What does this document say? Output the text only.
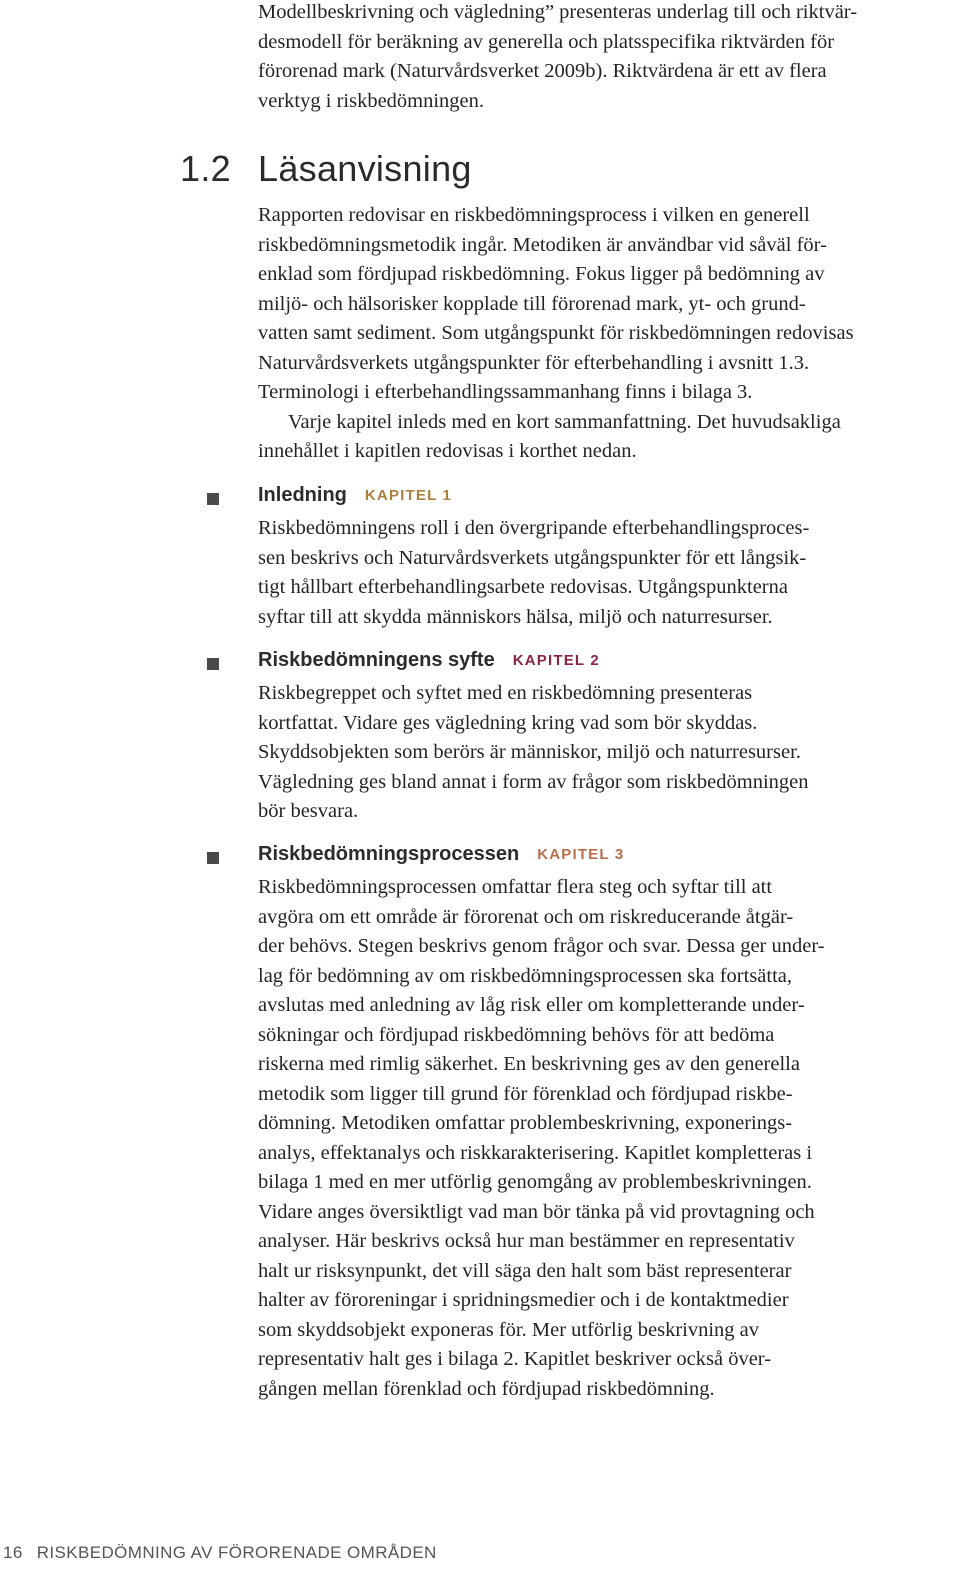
Modellbeskrivning och vägledning” presenteras underlag till och riktvär-
desmodell för beräkning av generella och platsspecifika riktvärden för
förorenad mark (Naturvårdsverket 2009b). Riktvärdena är ett av flera
verktyg i riskbedömningen.

1.2 Läsanvisning

Rapporten redovisar en riskbedömningsprocess i vilken en generell
riskbedömningsmetodik ingår. Metodiken är användbar vid såväl för-
enklad som fördjupad riskbedömning. Fokus ligger på bedömning av
miljö- och hälsorisker kopplade till förorenad mark, yt- och grund-
vatten samt sediment. Som utgångspunkt för riskbedömningen redovisas
Naturvårdsverkets utgångspunkter för efterbehandling i avsnitt 1.3.
Terminologi i efterbehandlingssammanhang finns i bilaga 3.

Varje kapitel inleds med en kort sammanfattning. Det huvudsakliga
innehållet i kapitlen redovisas i korthet nedan.

Inledning KAPITEL 1

Riskbedömningens roll i den övergripande efterbehandlingsproces-
sen beskrivs och Naturvårdsverkets utgångspunkter för ett långsik-
tigt hållbart efterbehandlingsarbete redovisas. Utgångspunkterna
syftar till att skydda människors hälsa, miljö och naturresurser.

Riskbedömningens syfte KAPITEL 2

Riskbegreppet och syftet med en riskbedömning presenteras
kortfattat. Vidare ges vägledning kring vad som bör skyddas.
Skyddsobjekten som berörs är människor, miljö och naturresurser.
Vägledning ges bland annat i form av frågor som riskbedömningen
bör besvara.

Riskbedömningsprocessen KAPITEL 3

Riskbedömningsprocessen omfattar flera steg och syftar till att
avgöra om ett område är förorenat och om riskreducerande åtgär-
der behövs. Stegen beskrivs genom frågor och svar. Dessa ger under-
lag för bedömning av om riskbedömningsprocessen ska fortsätta,
avslutas med anledning av låg risk eller om kompletterande under-
sökningar och fördjupad riskbedömning behövs för att bedöma
riskerna med rimlig säkerhet. En beskrivning ges av den generella
metodik som ligger till grund för förenklad och fördjupad riskbe-
dömning. Metodiken omfattar problembeskrivning, exponerings-
analys, effektanalys och riskkarakterisering. Kapitlet kompletteras i
bilaga 1 med en mer utförlig genomgång av problembeskrivningen.
Vidare anges översiktligt vad man bör tänka på vid provtagning och
analyser. Här beskrivs också hur man bestämmer en representativ
halt ur risksynpunkt, det vill säga den halt som bäst representerar
halter av föroreningar i spridningsmedier och i de kontaktmedier
som skyddsobjekt exponeras för. Mer utförlig beskrivning av
representativ halt ges i bilaga 2. Kapitlet beskriver också över-
gången mellan förenklad och fördjupad riskbedömning.

16 RISKBEDÖMNING AV FÖRORENADE OMRÅDEN
